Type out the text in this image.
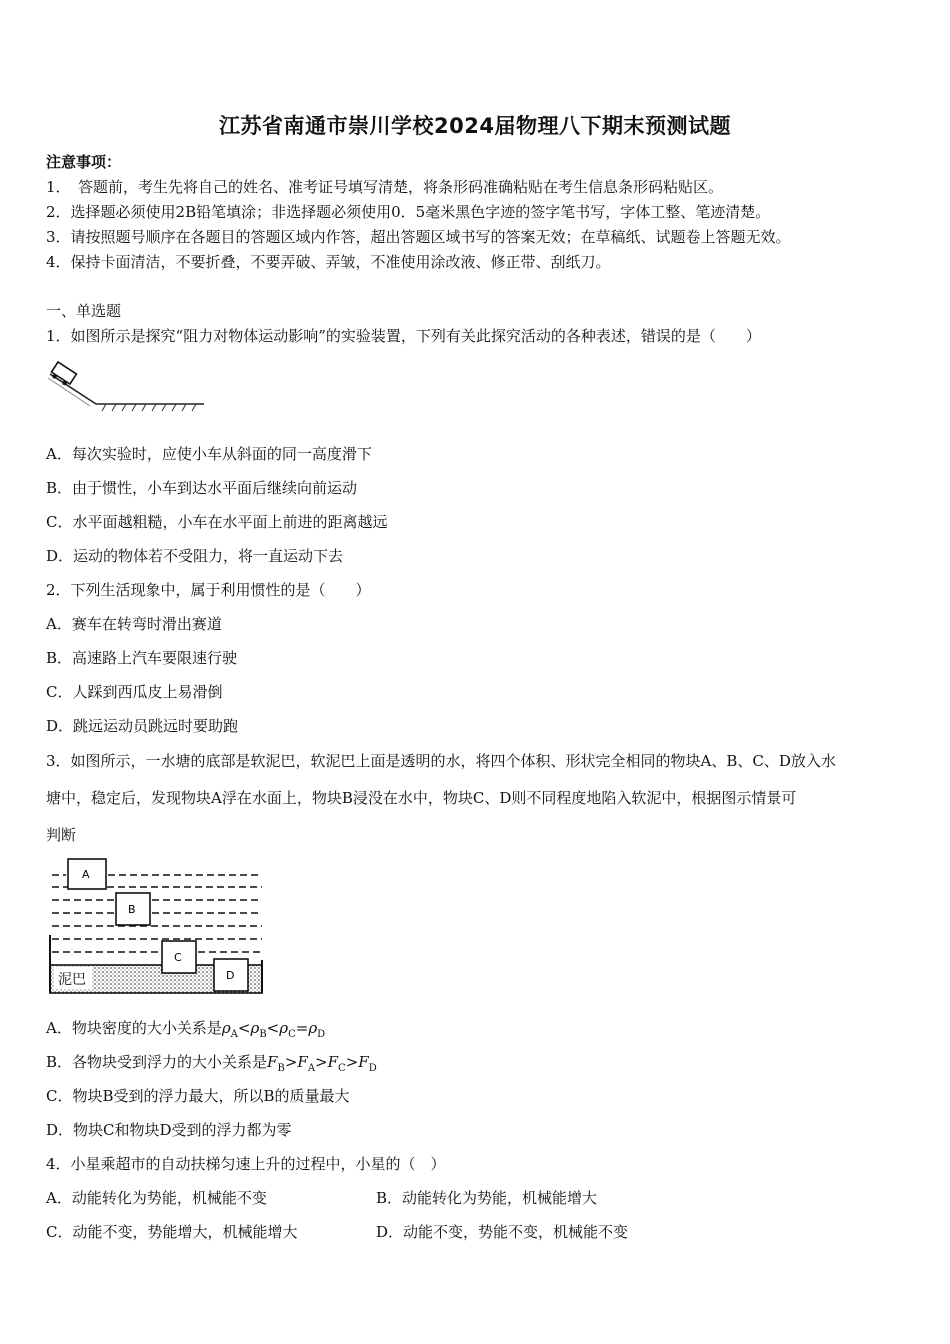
江苏省南通市崇川学校2024届物理八下期末预测试题
注意事项：
1．　答题前，考生先将自己的姓名、准考证号填写清楚，将条形码准确粘贴在考生信息条形码粘贴区。
2．选择题必须使用2B铅笔填涂；非选择题必须使用0．5毫米黑色字迹的签字笔书写，字体工整、笔迹清楚。
3．请按照题号顺序在各题目的答题区域内作答，超出答题区域书写的答案无效；在草稿纸、试题卷上答题无效。
4．保持卡面清洁，不要折叠，不要弄破、弄皱，不准使用涂改液、修正带、刮纸刀。
一、单选题
1．如图所示是探究“阻力对物体运动影响”的实验装置，下列有关此探究活动的各种表述，错误的是（　　）
A．每次实验时，应使小车从斜面的同一高度滑下
B．由于惯性，小车到达水平面后继续向前运动
C．水平面越粗糙，小车在水平面上前进的距离越远
D．运动的物体若不受阻力，将一直运动下去
2．下列生活现象中，属于利用惯性的是（　　）
A．赛车在转弯时滑出赛道
B．高速路上汽车要限速行驶
C．人踩到西瓜皮上易滑倒
D．跳远运动员跳远时要助跑
3．如图所示，一水塘的底部是软泥巴，软泥巴上面是透明的水，将四个体积、形状完全相同的物块A、B、C、D放入水
塘中，稳定后，发现物块A浮在水面上，物块B浸没在水中，物块C、D则不同程度地陷入软泥中，根据图示情景可
判断
泥巴
A
B
C
D
A．物块密度的大小关系是$\rho_A<\rho_B<\rho_C=\rho_D$
B．各物块受到浮力的大小关系是$F_B>F_A>F_C>F_D$
C．物块B受到的浮力最大，所以B的质量最大
D．物块C和物块D受到的浮力都为零
4．小星乘超市的自动扶梯匀速上升的过程中，小星的（　）
A．动能转化为势能，机械能不变	B．动能转化为势能，机械能增大
C．动能不变，势能增大，机械能增大	D．动能不变，势能不变，机械能不变
